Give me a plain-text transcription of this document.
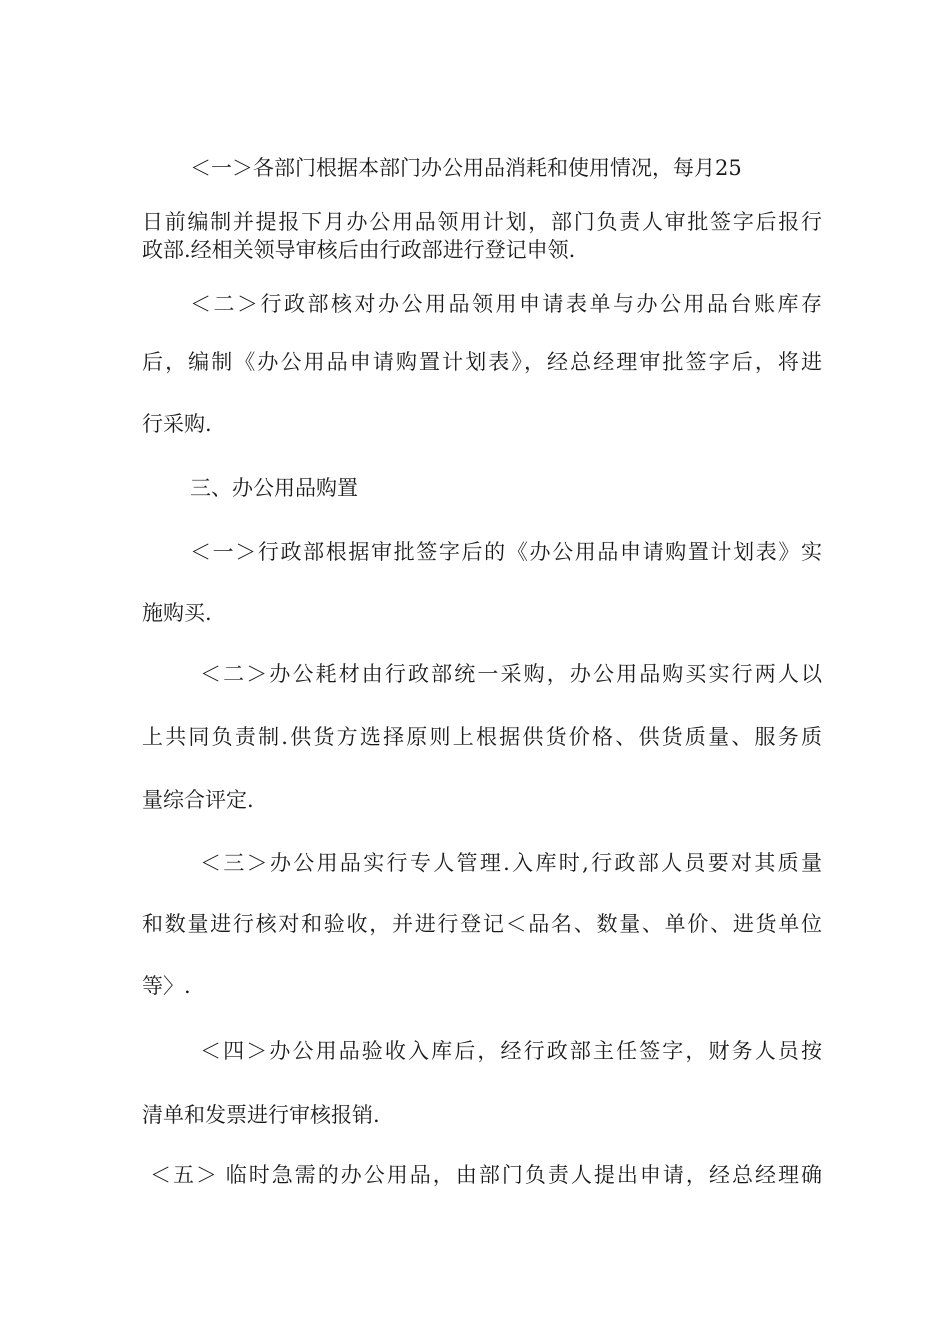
＜一＞各部门根据本部门办公用品消耗和使用情况，每月25
日前编制并提报下月办公用品领用计划，部门负责人审批签字后报行
政部.经相关领导审核后由行政部进行登记申领.
＜二＞行政部核对办公用品领用申请表单与办公用品台账库存
后，编制《办公用品申请购置计划表》，经总经理审批签字后，将进
行采购.
三、办公用品购置
＜一＞行政部根据审批签字后的《办公用品申请购置计划表》实
施购买.
＜二＞办公耗材由行政部统一采购，办公用品购买实行两人以
上共同负责制.供货方选择原则上根据供货价格、供货质量、服务质
量综合评定.
＜三＞办公用品实行专人管理.入库时,行政部人员要对其质量
和数量进行核对和验收，并进行登记＜品名、数量、单价、进货单位
等〉.
＜四＞办公用品验收入库后，经行政部主任签字，财务人员按
清单和发票进行审核报销.
＜五＞ 临时急需的办公用品，由部门负责人提出申请，经总经理确
